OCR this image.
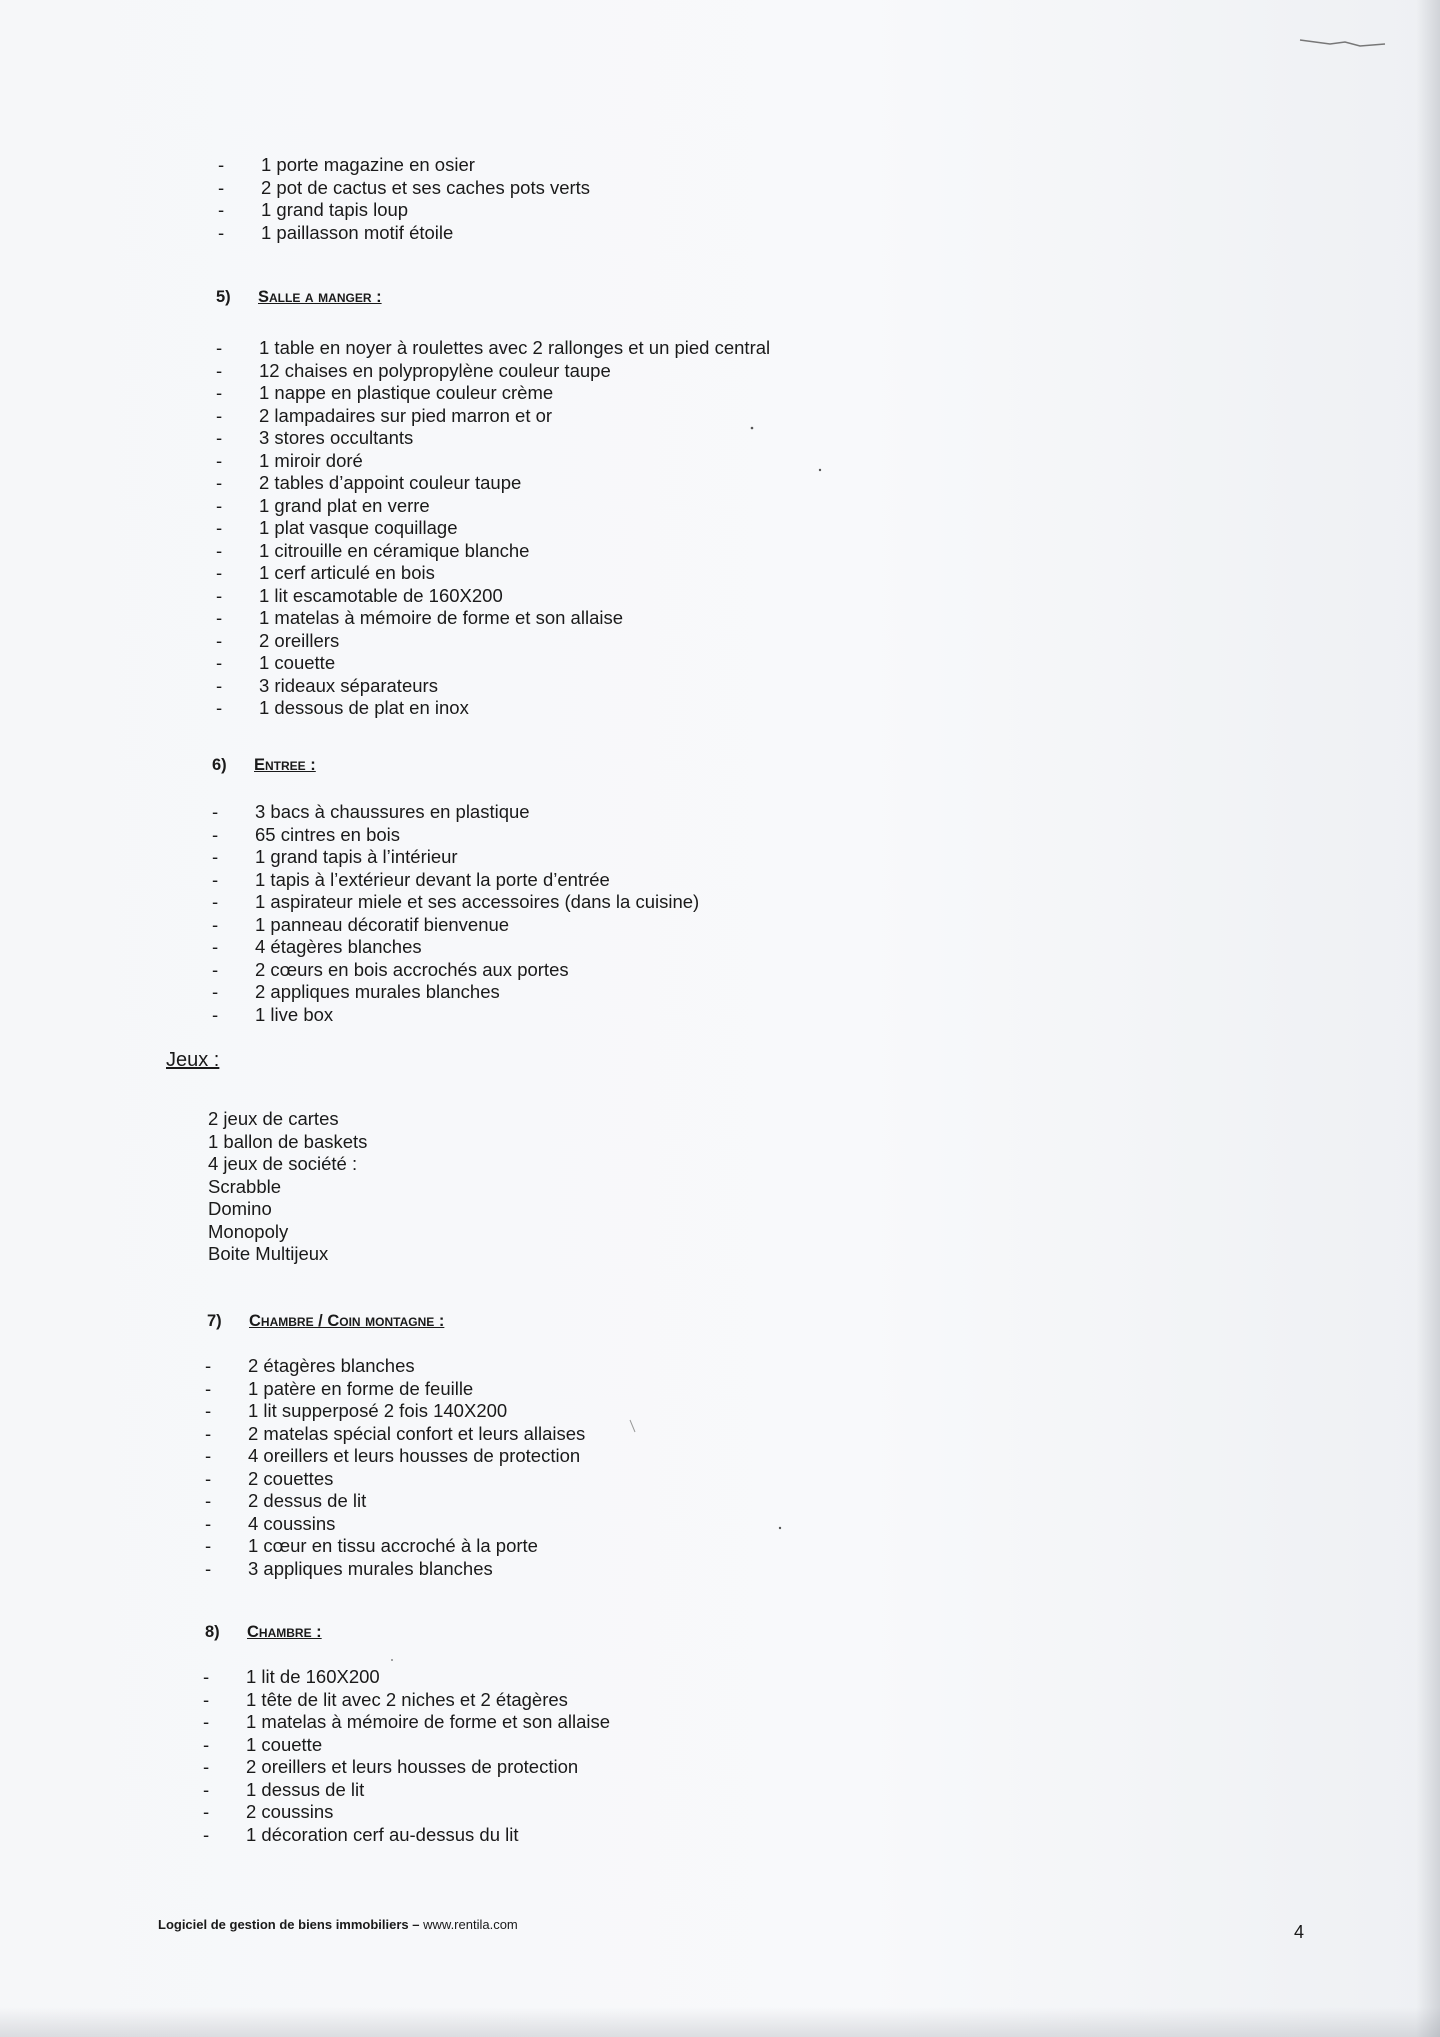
- 1 porte magazine en osier
- 2 pot de cactus et ses caches pots verts
- 1 grand tapis loup
- 1 paillasson motif étoile
5) Salle a manger :
- 1 table en noyer à roulettes avec 2 rallonges et un pied central
- 12 chaises en polypropylène couleur taupe
- 1 nappe en plastique couleur crème
- 2 lampadaires sur pied marron et or
- 3 stores occultants
- 1 miroir doré
- 2 tables d’appoint couleur taupe
- 1 grand plat en verre
- 1 plat vasque coquillage
- 1 citrouille en céramique blanche
- 1 cerf articulé en bois
- 1 lit escamotable de 160X200
- 1 matelas à mémoire de forme et son allaise
- 2 oreillers
- 1 couette
- 3 rideaux séparateurs
- 1 dessous de plat en inox
6) Entree :
- 3 bacs à chaussures en plastique
- 65 cintres en bois
- 1 grand tapis à l’intérieur
- 1 tapis à l’extérieur devant la porte d’entrée
- 1 aspirateur miele et ses accessoires (dans la cuisine)
- 1 panneau décoratif bienvenue
- 4 étagères blanches
- 2 cœurs en bois accrochés aux portes
- 2 appliques murales blanches
- 1 live box
Jeux :
2 jeux de cartes
1 ballon de baskets
4 jeux de société :
Scrabble
Domino
Monopoly
Boite Multijeux
7) Chambre / Coin montagne :
- 2 étagères blanches
- 1 patère en forme de feuille
- 1 lit supperposé 2 fois 140X200
- 2 matelas spécial confort et leurs allaises
- 4 oreillers et leurs housses de protection
- 2 couettes
- 2 dessus de lit
- 4 coussins
- 1 cœur en tissu accroché à la porte
- 3 appliques murales blanches
8) Chambre :
- 1 lit de 160X200
- 1 tête de lit avec 2 niches et 2 étagères
- 1 matelas à mémoire de forme et son allaise
- 1 couette
- 2 oreillers et leurs housses de protection
- 1 dessus de lit
- 2 coussins
- 1 décoration cerf au-dessus du lit
Logiciel de gestion de biens immobiliers – www.rentila.com	4
